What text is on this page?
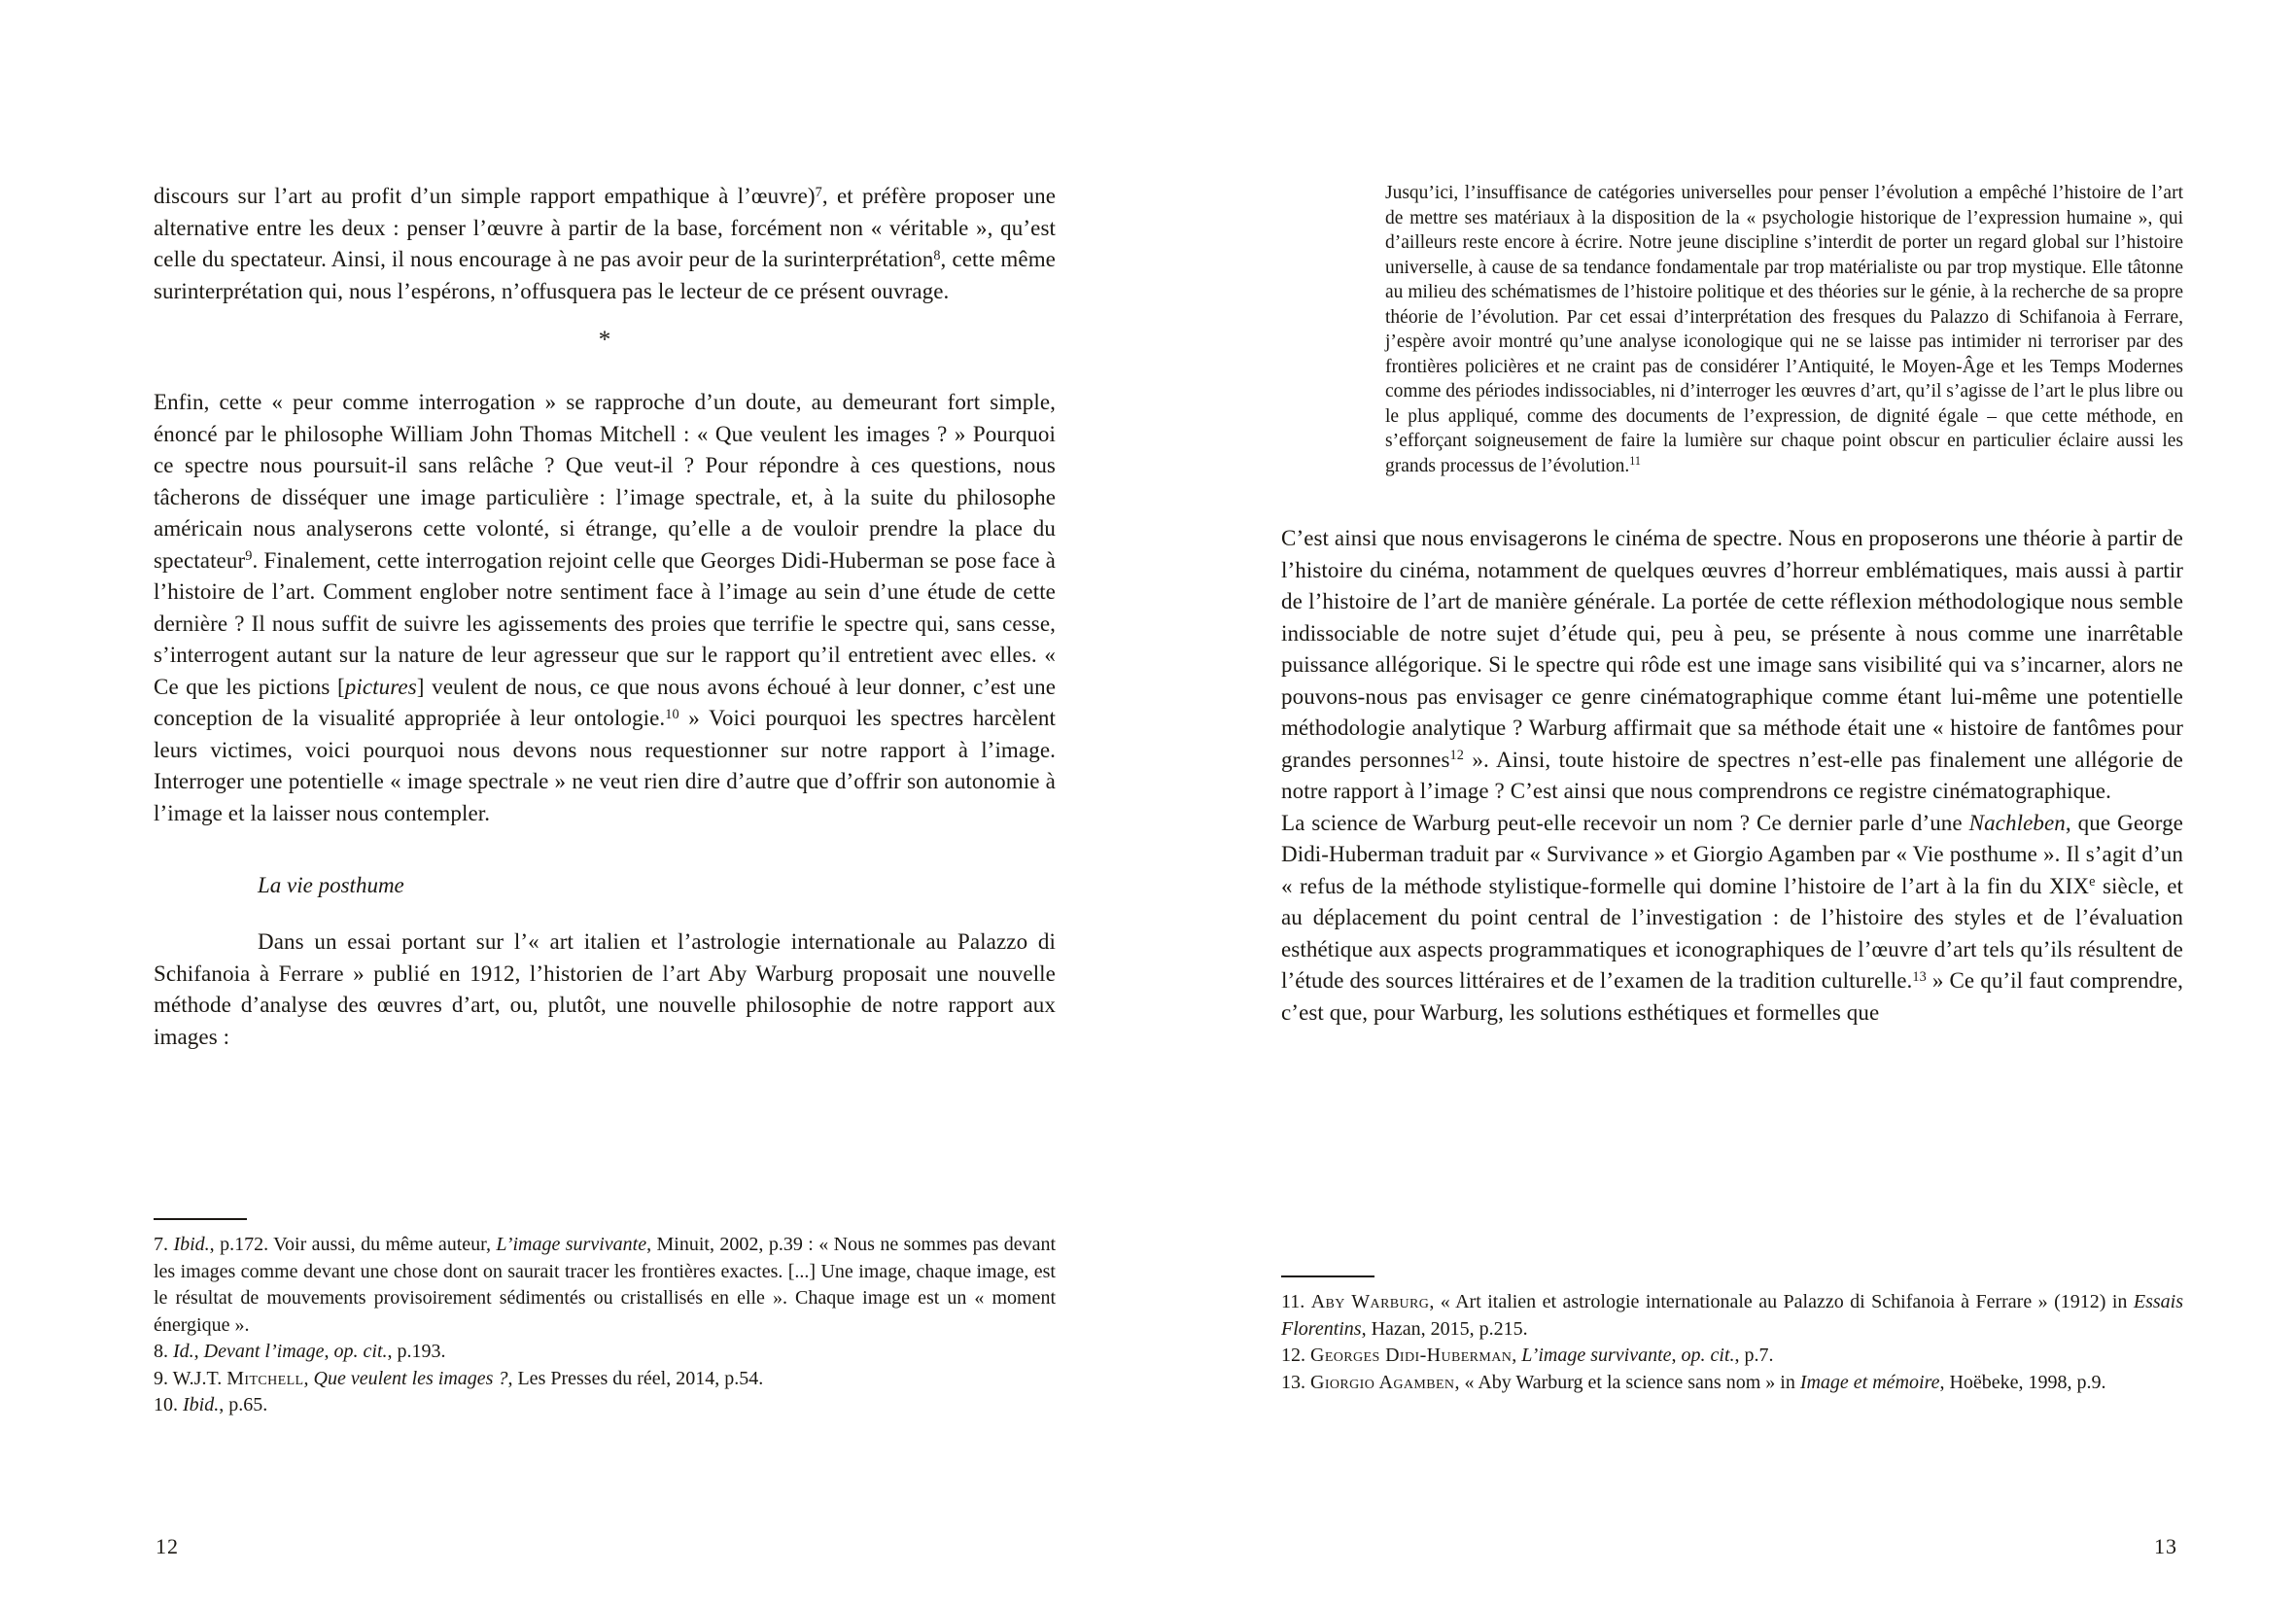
discours sur l’art au profit d’un simple rapport empathique à l’œuvre)$^7$, et préfère proposer une alternative entre les deux : penser l’œuvre à partir de la base, forcément non « véritable », qu’est celle du spectateur. Ainsi, il nous encourage à ne pas avoir peur de la surinterprétation$^8$, cette même surinterprétation qui, nous l’espérons, n’offusquera pas le lecteur de ce présent ouvrage.

*

Enfin, cette « peur comme interrogation » se rapproche d’un doute, au demeurant fort simple, énoncé par le philosophe William John Thomas Mitchell : « Que veulent les images ? » Pourquoi ce spectre nous poursuit-il sans relâche ? Que veut-il ? Pour répondre à ces questions, nous tâcherons de disséquer une image particulière : l’image spectrale, et, à la suite du philosophe américain nous analyserons cette volonté, si étrange, qu’elle a de vouloir prendre la place du spectateur$^9$. Finalement, cette interrogation rejoint celle que Georges Didi-Huberman se pose face à l’histoire de l’art. Comment englober notre sentiment face à l’image au sein d’une étude de cette dernière ? Il nous suffit de suivre les agissements des proies que terrifie le spectre qui, sans cesse, s’interrogent autant sur la nature de leur agresseur que sur le rapport qu’il entretient avec elles. « Ce que les pictions [pictures] veulent de nous, ce que nous avons échoué à leur donner, c’est une conception de la visualité appropriée à leur ontologie.$^{10}$ » Voici pourquoi les spectres harcèlent leurs victimes, voici pourquoi nous devons nous requestionner sur notre rapport à l’image. Interroger une potentielle « image spectrale » ne veut rien dire d’autre que d’offrir son autonomie à l’image et la laisser nous contempler.

La vie posthume

Dans un essai portant sur l’« art italien et l’astrologie internationale au Palazzo di Schifanoia à Ferrare » publié en 1912, l’historien de l’art Aby Warburg proposait une nouvelle méthode d’analyse des œuvres d’art, ou, plutôt, une nouvelle philosophie de notre rapport aux images :

7. Ibid., p.172. Voir aussi, du même auteur, L’image survivante, Minuit, 2002, p.39 : « Nous ne sommes pas devant les images comme devant une chose dont on saurait tracer les frontières exactes. [...] Une image, chaque image, est le résultat de mouvements provisoirement sédimentés ou cristallisés en elle ». Chaque image est un « moment énergique ».

8. Id., Devant l’image, op. cit., p.193.

9. W.J.T. Mitchell, Que veulent les images ?, Les Presses du réel, 2014, p.54.

10. Ibid., p.65.

12
Jusqu’ici, l’insuffisance de catégories universelles pour penser l’évolution a empêché l’histoire de l’art de mettre ses matériaux à la disposition de la « psychologie historique de l’expression humaine », qui d’ailleurs reste encore à écrire. Notre jeune discipline s’interdit de porter un regard global sur l’histoire universelle, à cause de sa tendance fondamentale par trop matérialiste ou par trop mystique. Elle tâtonne au milieu des schématismes de l’histoire politique et des théories sur le génie, à la recherche de sa propre théorie de l’évolution. Par cet essai d’interprétation des fresques du Palazzo di Schifanoia à Ferrare, j’espère avoir montré qu’une analyse iconologique qui ne se laisse pas intimider ni terroriser par des frontières policières et ne craint pas de considérer l’Antiquité, le Moyen-Âge et les Temps Modernes comme des périodes indissociables, ni d’interroger les œuvres d’art, qu’il s’agisse de l’art le plus libre ou le plus appliqué, comme des documents de l’expression, de dignité égale – que cette méthode, en s’efforçant soigneusement de faire la lumière sur chaque point obscur en particulier éclaire aussi les grands processus de l’évolution.$^{11}$

C’est ainsi que nous envisagerons le cinéma de spectre. Nous en proposerons une théorie à partir de l’histoire du cinéma, notamment de quelques œuvres d’horreur emblématiques, mais aussi à partir de l’histoire de l’art de manière générale. La portée de cette réflexion méthodologique nous semble indissociable de notre sujet d’étude qui, peu à peu, se présente à nous comme une inarrêtable puissance allégorique. Si le spectre qui rôde est une image sans visibilité qui va s’incarner, alors ne pouvons-nous pas envisager ce genre cinématographique comme étant lui-même une potentielle méthodologie analytique ? Warburg affirmait que sa méthode était une « histoire de fantômes pour grandes personnes$^{12}$ ». Ainsi, toute histoire de spectres n’est-elle pas finalement une allégorie de notre rapport à l’image ? C’est ainsi que nous comprendrons ce registre cinématographique.

La science de Warburg peut-elle recevoir un nom ? Ce dernier parle d’une Nachleben, que George Didi-Huberman traduit par « Survivance » et Giorgio Agamben par « Vie posthume ». Il s’agit d’un « refus de la méthode stylistique-formelle qui domine l’histoire de l’art à la fin du XIXe siècle, et au déplacement du point central de l’investigation : de l’histoire des styles et de l’évaluation esthétique aux aspects programmatiques et iconographiques de l’œuvre d’art tels qu’ils résultent de l’étude des sources littéraires et de l’examen de la tradition culturelle.$^{13}$ » Ce qu’il faut comprendre, c’est que, pour Warburg, les solutions esthétiques et formelles que

11. Aby Warburg, « Art italien et astrologie internationale au Palazzo di Schifanoia à Ferrare » (1912) in Essais Florentins, Hazan, 2015, p.215.

12. Georges Didi-Huberman, L’image survivante, op. cit., p.7.

13. Giorgio Agamben, « Aby Warburg et la science sans nom » in Image et mémoire, Hoëbeke, 1998, p.9.

13
